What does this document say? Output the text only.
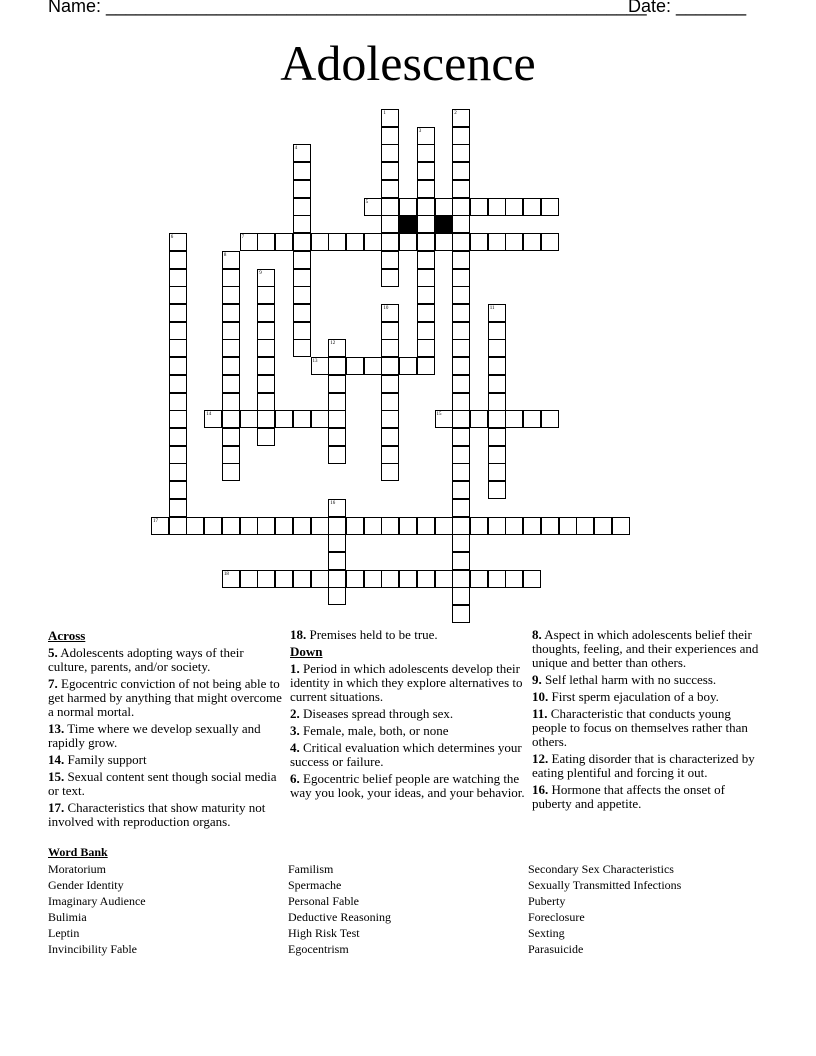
Name: ______________________________________________________
Date: _______
Adolescence
1	2
3
4
5
6	7
8
9
10	11
12
13
14	15
16
17
18
Across
5. Adolescents adopting ways of their culture, parents, and/or society.
7. Egocentric conviction of not being able to get harmed by anything that might overcome a normal mortal.
13. Time where we develop sexually and rapidly grow.
14. Family support
15. Sexual content sent though social media or text.
17. Characteristics that show maturity not involved with reproduction organs.
18. Premises held to be true.
Down
1. Period in which adolescents develop their identity in which they explore alternatives to current situations.
2. Diseases spread through sex.
3. Female, male, both, or none
4. Critical evaluation which determines your success or failure.
6. Egocentric belief people are watching the way you look, your ideas, and your behavior.
8. Aspect in which adolescents belief their thoughts, feeling, and their experiences and unique and better than others.
9. Self lethal harm with no success.
10. First sperm ejaculation of a boy.
11. Characteristic that conducts young people to focus on themselves rather than others.
12. Eating disorder that is characterized by eating plentiful and forcing it out.
16. Hormone that affects the onset of puberty and appetite.
Word Bank
Moratorium
Gender Identity
Imaginary Audience
Bulimia
Leptin
Invincibility Fable
Familism
Spermache
Personal Fable
Deductive Reasoning
High Risk Test
Egocentrism
Secondary Sex Characteristics
Sexually Transmitted Infections
Puberty
Foreclosure
Sexting
Parasuicide
